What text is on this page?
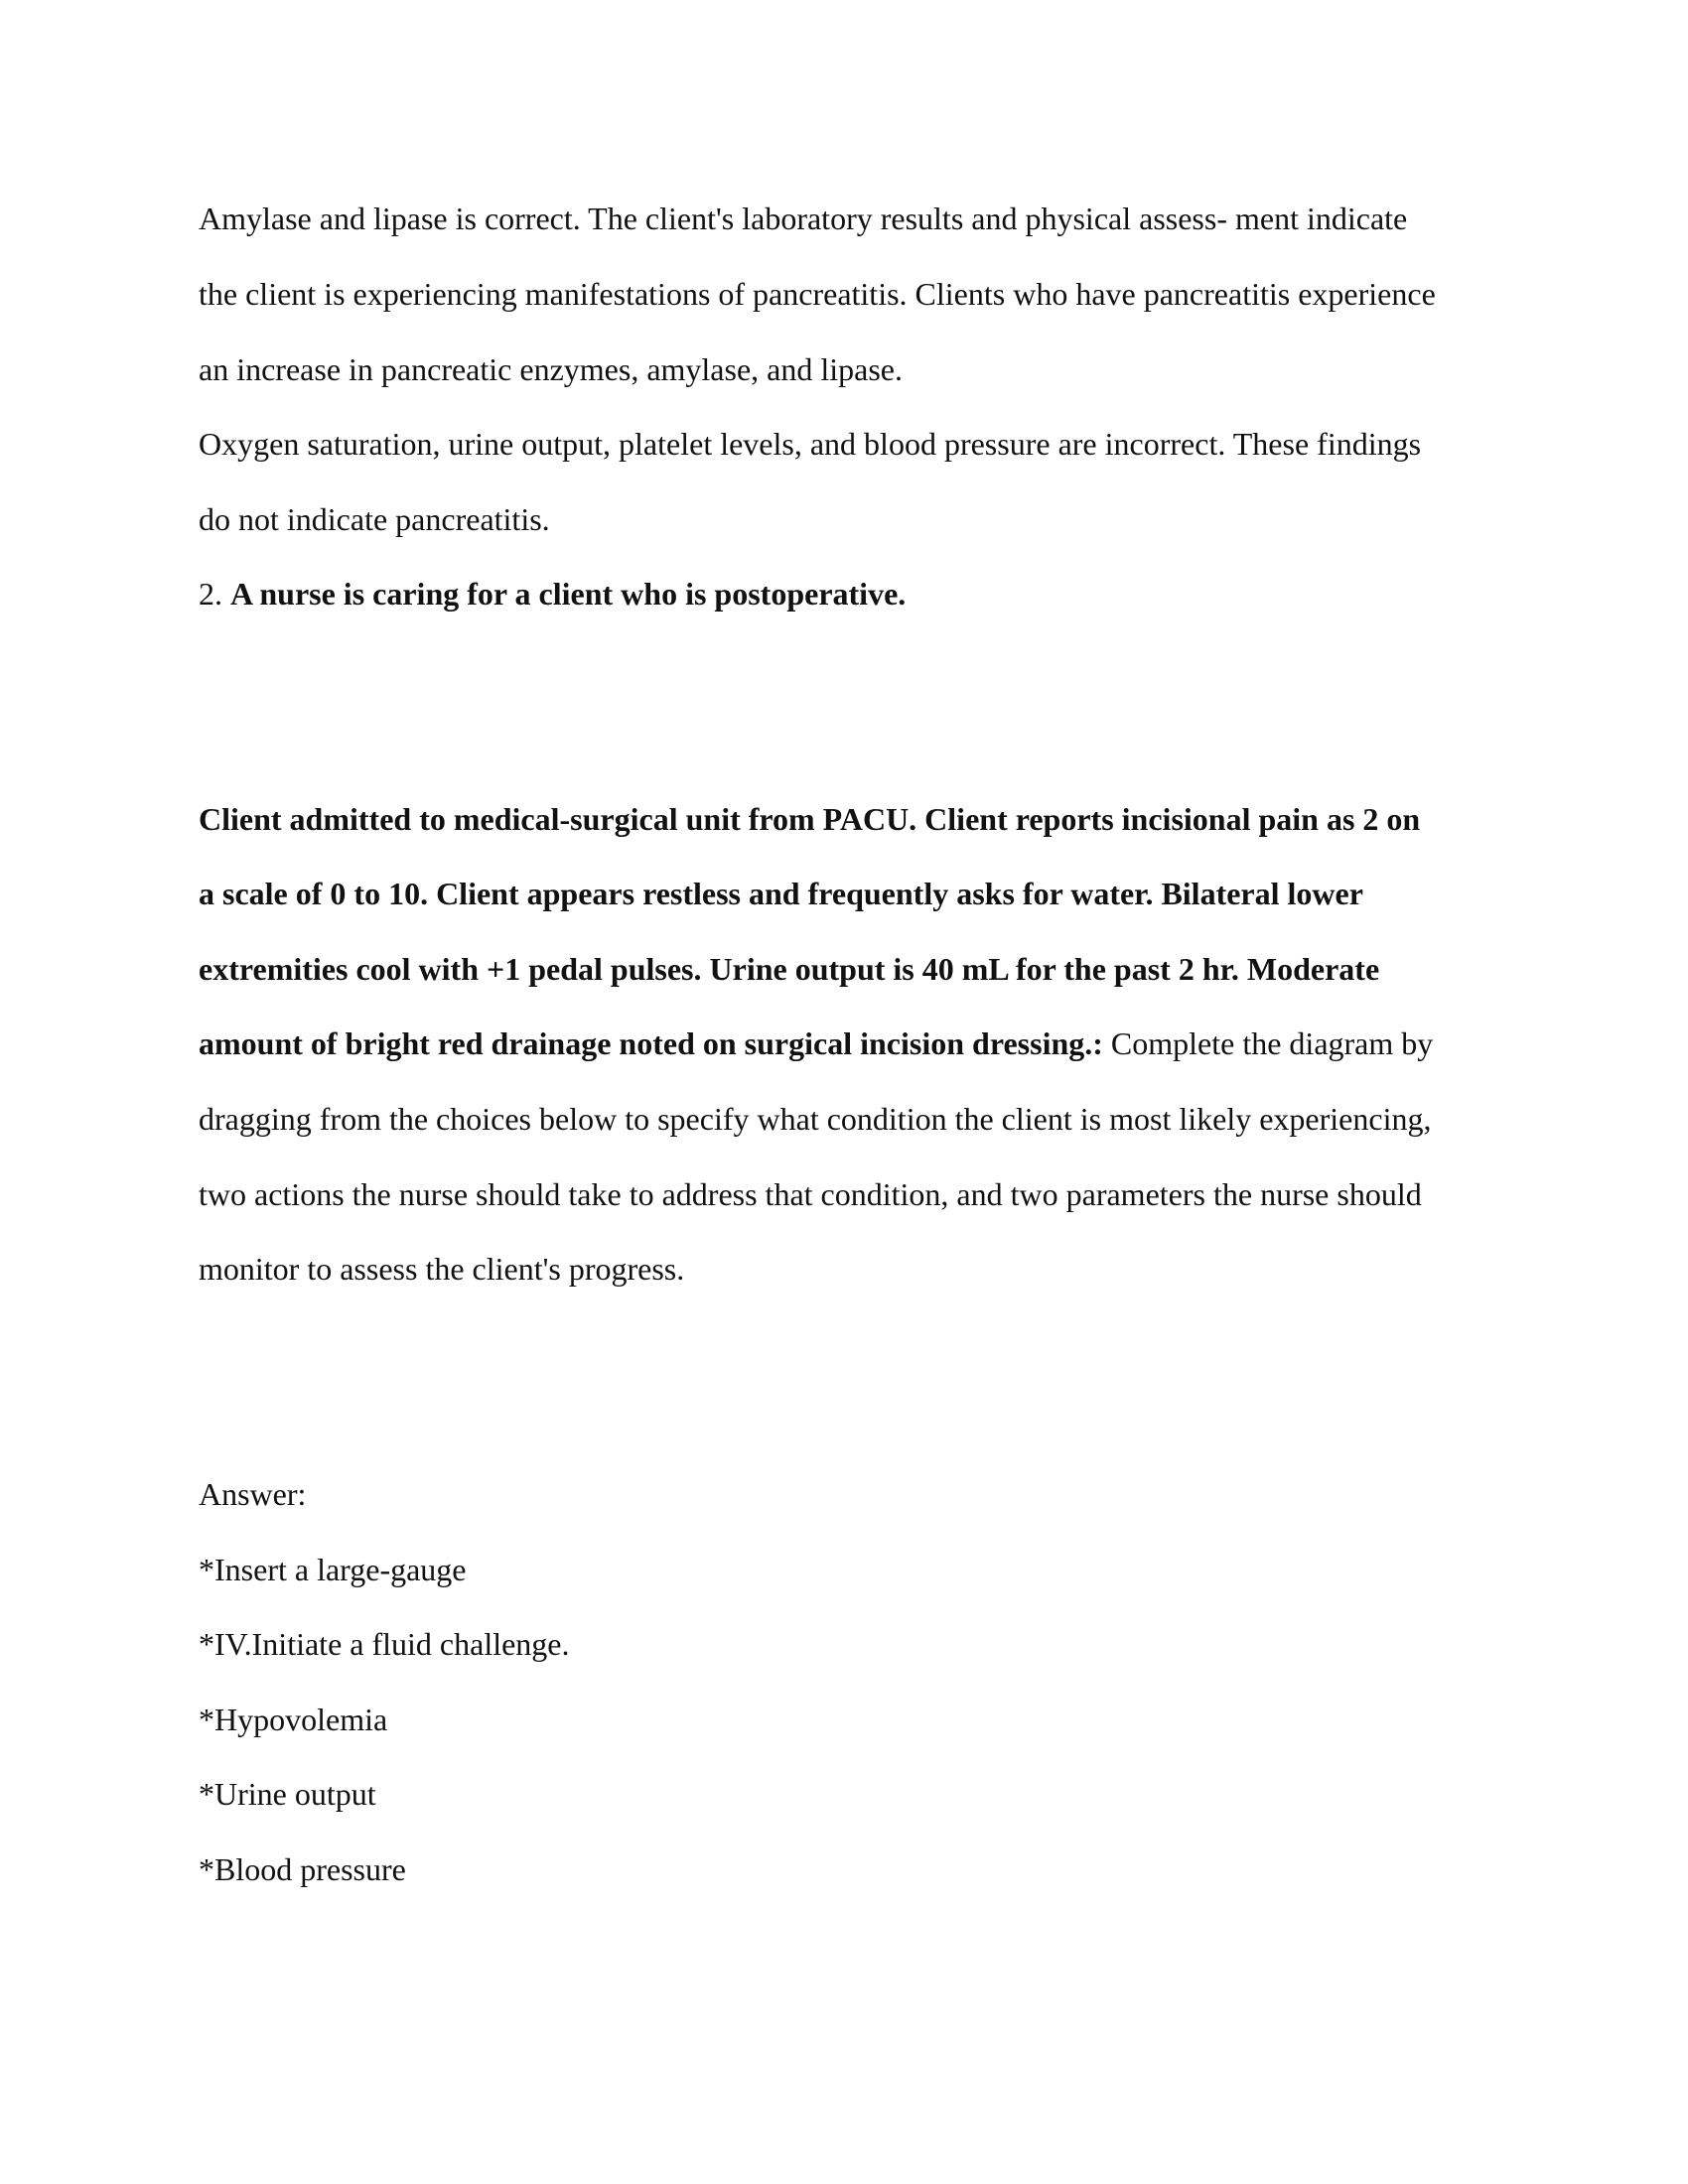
Amylase and lipase is correct. The client's laboratory results and physical assess- ment indicate
the client is experiencing manifestations of pancreatitis. Clients who have pancreatitis experience
an increase in pancreatic enzymes, amylase, and lipase.
Oxygen saturation, urine output, platelet levels, and blood pressure are incorrect. These findings
do not indicate pancreatitis.
2. A nurse is caring for a client who is postoperative.
Client admitted to medical-surgical unit from PACU. Client reports incisional pain as 2 on
a scale of 0 to 10. Client appears restless and frequently asks for water. Bilateral lower
extremities cool with +1 pedal pulses. Urine output is 40 mL for the past 2 hr. Moderate
amount of bright red drainage noted on surgical incision dressing.: Complete the diagram by
dragging from the choices below to specify what condition the client is most likely experiencing,
two actions the nurse should take to address that condition, and two parameters the nurse should
monitor to assess the client's progress.
Answer:
*Insert a large-gauge
*IV.Initiate a fluid challenge.
*Hypovolemia
*Urine output
*Blood pressure
